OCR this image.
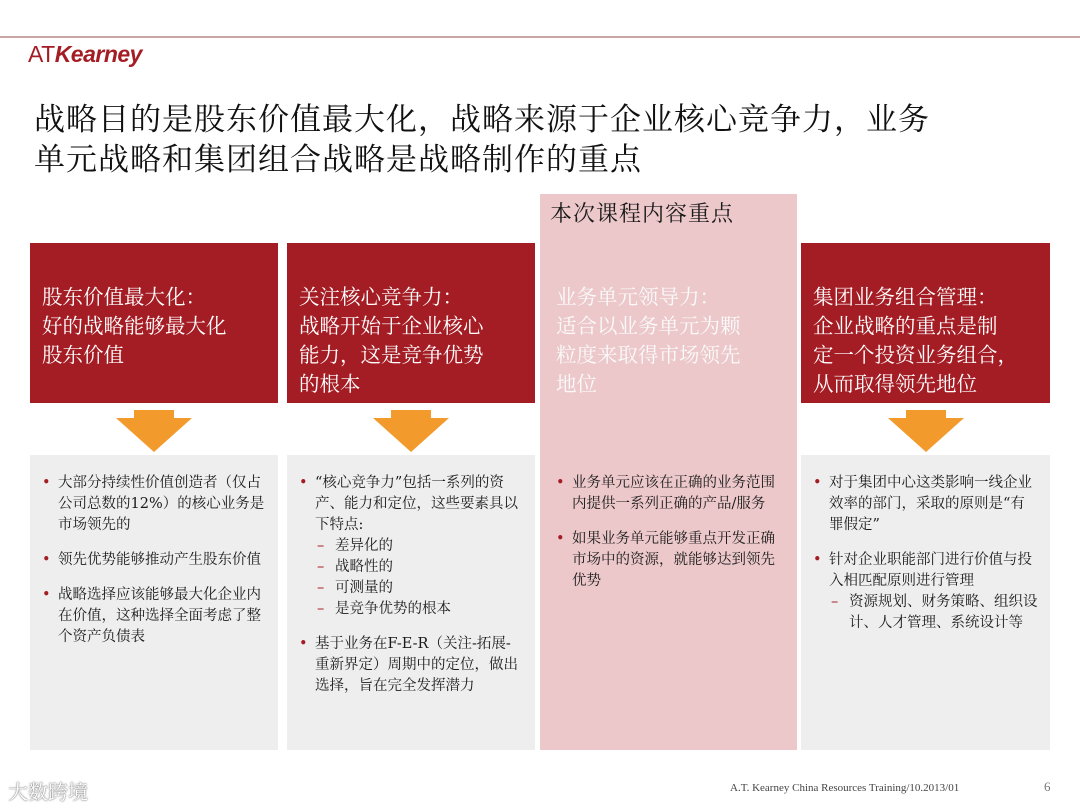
ATKearney
战略目的是股东价值最大化，战略来源于企业核心竞争力，业务
单元战略和集团组合战略是战略制作的重点
本次课程内容重点
股东价值最大化：
好的战略能够最大化
股东价值
• 大部分持续性价值创造者（仅占公司总数的12%）的核心业务是市场领先的
• 领先优势能够推动产生股东价值
• 战略选择应该能够最大化企业内在价值，这种选择全面考虑了整个资产负债表
关注核心竞争力：
战略开始于企业核心
能力，这是竞争优势
的根本
• “核心竞争力”包括一系列的资产、能力和定位，这些要素具以下特点:
– 差异化的
– 战略性的
– 可测量的
– 是竞争优势的根本
• 基于业务在F-E-R（关注-拓展-重新界定）周期中的定位，做出选择，旨在完全发挥潜力
业务单元领导力：
适合以业务单元为颗
粒度来取得市场领先
地位
• 业务单元应该在正确的业务范围内提供一系列正确的产品/服务
• 如果业务单元能够重点开发正确市场中的资源，就能够达到领先优势
集团业务组合管理：
企业战略的重点是制
定一个投资业务组合，
从而取得领先地位
• 对于集团中心这类影响一线企业效率的部门，采取的原则是“有罪假定”
• 针对企业职能部门进行价值与投入相匹配原则进行管理
– 资源规划、财务策略、组织设计、人才管理、系统设计等
大数跨境	A.T. Kearney China Resources Training/10.2013/01	6
